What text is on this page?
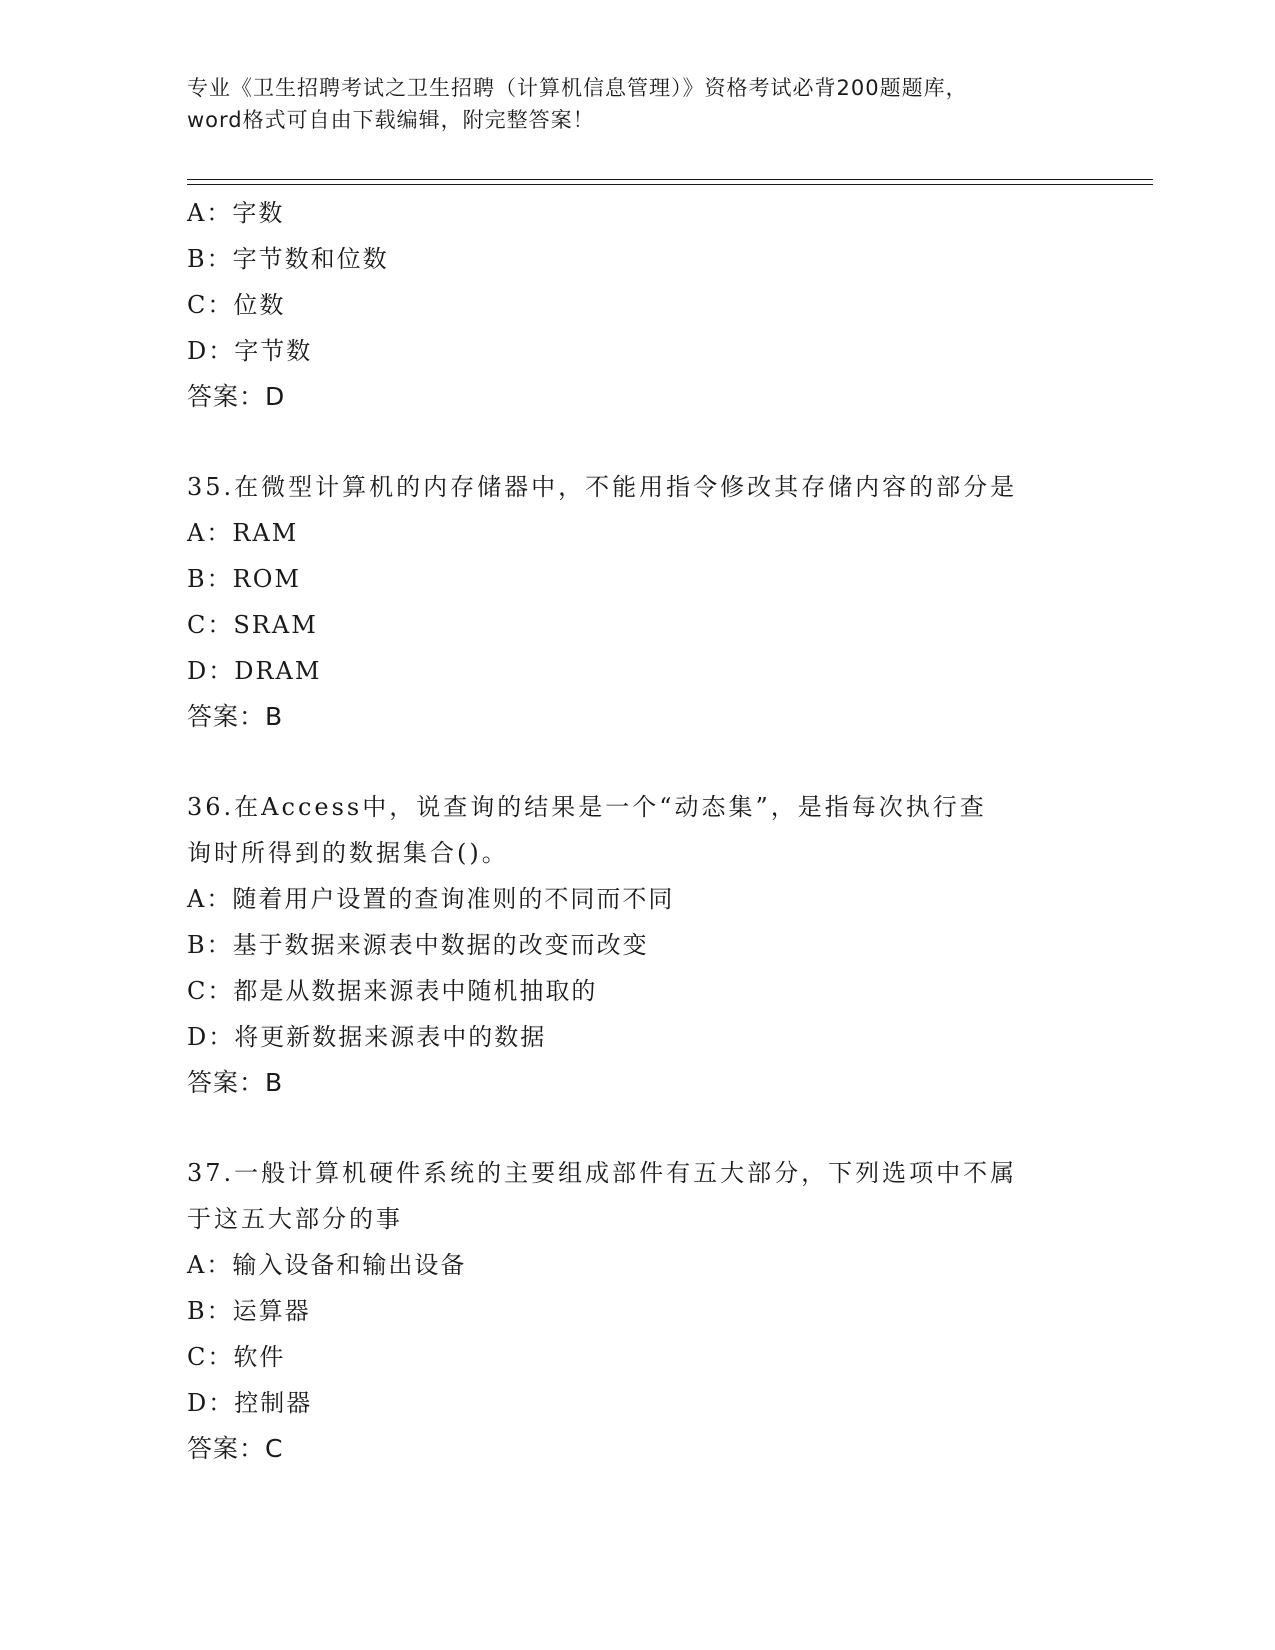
专业《卫生招聘考试之卫生招聘（计算机信息管理）》资格考试必背200题题库，
word格式可自由下载编辑，附完整答案！
A：字数
B：字节数和位数
C：位数
D：字节数
答案：D
35.在微型计算机的内存储器中，不能用指令修改其存储内容的部分是
A：RAM
B：ROM
C：SRAM
D：DRAM
答案：B
36.在Access中，说查询的结果是一个“动态集”，是指每次执行查
询时所得到的数据集合()。
A：随着用户设置的查询准则的不同而不同
B：基于数据来源表中数据的改变而改变
C：都是从数据来源表中随机抽取的
D：将更新数据来源表中的数据
答案：B
37.一般计算机硬件系统的主要组成部件有五大部分，下列选项中不属
于这五大部分的事
A：输入设备和输出设备
B：运算器
C：软件
D：控制器
答案：C
